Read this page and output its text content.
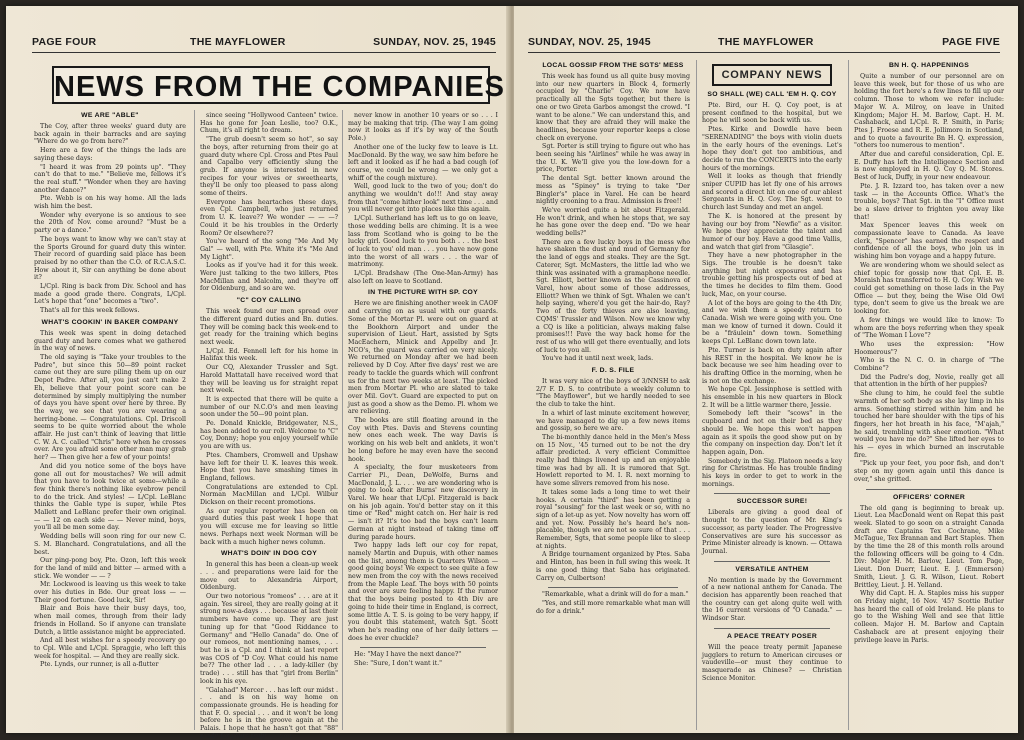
PAGE FOUR	THE MAYFLOWER	SUNDAY, NOV. 25, 1945
NEWS FROM THE COMPANIES
WE ARE "ABLE"

The Coy, after three weeks' guard duty are back again in their barracks and are saying "Where do we go from here?"

Here are a few of the things the lads are saying these days:

"I heard it was from 29 points up". "They can't do that to me." "Believe me, fellows it's the real stuff." "Wonder when they are having another dance?"

Pte. Webb is on his way home. All the lads wish him the best.

Wonder why everyone is so anxious to see the 20th of Nov. come around? "Must be a party or a dance."

The boys want to know why we can't stay at the Sports Ground for guard duty this winter. Their record of guarding said place has been praised by no other than the C.O. of R.C.A.S.C. How about it, Sir can anything be done about it?

L/Cpl. Ring is back from Div. School and has made a good grade there. Congrats, L/Cpl. Let's hope that "one" becomes a "two".

That's all for this week fellows.

WHAT'S COOKIN' IN BAKER COMPANY

This week was spent in doing detached guard duty and here comes what we gathered in the way of news.

The old saying is "Take your troubles to the Padre", but since this 50—89 point racket came out they are sure piling them up on our Depot Padre. After all, you just can't make 2 Eh, believe that your point score can be determined by simply multiplying the number of days you have spent over here by three. By the way, we see that you are wearing a herring-bone. — Congratulations. Cpl. Driscoll seems to be quite worried about the whole affair. He just can't think of leaving that little C. W. A. C. called "Chris" here when he crosses over. Are you afraid some other man may grab her? — Then give her a few of your points!

And did you notice some of the boys have gone all out for moustaches? We will admit that you have to look twice at some—while a few think there's nothing like eyebrow pencil to do the trick. And styles! — L/Cpl. LeBlanc thinks the Gable type is super, while Ptes Mallett and LeBlanc prefer their own original. — — 12 on each side — — Never mind, boys, you'll all be men some day.

Wedding bells will soon ring for our new C. S. M. Blanchard. Congratulations, and all the best.

Our ping-pong boy, Pte. Ozon, left this week for the land of mild and bitter — armed with a stick. We wonder — — ?

Mr. Lockwood is leaving us this week to take over his duties in Bde. Our great loss — — Their good fortune. Good luck, Sir!

Blair and Bois have their busy days, too, when mail comes, through from their lady friends in Holland. So if anyone can translate Dutch, a little assistance might be appreciated.

And all best wishes for a speedy recovery go to Cpl. Wile and L/Cpl. Spraggie, who left this week for hospital. — And they are really sick.

Pte. Lynds, our runner, is all a-flutter

since seeing "Hollywood Canteen" twice. Has he gone for Joan Leslie, too? O.K., Chum, it's all right to dream.

"The grub doesn't seem so hot", so say the boys, after returning from their go at guard duty where Cpl. Cross and Ptes Paul and Capalbo very efficiently slung the grub. If anyone is interested in new recipes for your wives or sweethearts, they'll be only too pleased to pass along some of theirs.

Everyone has heartaches these days, even Cpl. Campbell, who just returned from U. K. leave?? We wonder — — —? Could it be his troubles in the Orderly Room? Or elsewhere??

You've heard of the song "Me And My Gal" — well, with Pte. White it's "Me And My Light".

Looks as if you've had it for this week. Were just talking to the two killers, Ptes MacMillan and Malcolm, and they're off for Oldenburg, and so are we.

"C" COY CALLING

This week found our men spread over the different guard duties and Bn. duties. They will be coming back this week-end to get ready for the training which begins next week.

L/Cpl. Ed. Fennell left for his home in Halifax this week.

Our CQ, Alexander Trussler and Sgt. Harold Mattatall have received word that they will be leaving us for straight repat next week.

It is expected that there will be quite a number of our N.C.O's and men leaving soon under the 50—90 point plan.

Pe. Donald Knickle, Bridgewater, N.S., has been added to our roll. Welcome to "C" Coy, Donny; hope you enjoy yourself while you are with us.

Ptes. Chambers, Cromwell and Upshaw have left for their U. K. leaves this week. Hope that you have smashing times in England, fellows.

Congratulations are extended to Cpl. Norman MacMillan and L/Cpl. Wilbur Dickson on their recent promotions.

As our regular reporter has been on guard duties this past week I hope that you will excuse me for leaving so little news. Perhaps next week Norman will be back with a much higher news column.

WHAT'S DOIN' IN DOG COY

In general this has been a clean-up week . . . and preparations were laid for the move out to Alexandria Airport, Oldenburg.

Our two notorious "romeos" . . . are at it again. Yes sireel, they are really going at it strong now-a-days . . . because at last their numbers have come up. They are just tuning up for that "Good Riddance to Germany" and "Hello Canada" do. One of our romeos, not mentioning names, . . . but he is a Cpl. and I think at last report was COS of "D Coy. What could his name be?? The other lad . . . a lady-killer (by trade) . . . still has that "girl from Berlin" look in his eye.

"Galahad" Mercer . . . has left our midst . . . and is on his way home on compassionate grounds. He is heading for that F. O. special . . . and it won't be long before he is in the groove again at the Palais. I hope that he hasn't got that "88" ready for yours truly . . . you

never know in another 10 years or so . . . I may be making that trip. (The way I am going now it looks as if it's by way of the South Pole.)

Another one of the lucky few to leave is Lt. MacDonald. By the way, we saw him before he left and it looked as if he had a bad cough (of course, we could be wrong — we only got a whiff of the cough mixture).

Well, good luck to the two of you; don't do anything we wouldn't do!!! And stay away from that "come hither look" next time . . . and you will never get into places like this again.

L/Cpl. Sutherland has left us to go on leave, those wedding bells are chiming. It is a wee lass from Scotland who is going to be the lucky girl. Good luck to you both . . . the best of luck to you' old man . . . you have now gone into the worst of all wars . . . the war of matrimony.

L/Cpl. Bradshaw (The One-Man-Army) has also left on leave to Scotland.

IN THE PICTURE WITH SP. COY

Here we are finishing another week in CAOF and carrying on as usual with our guards. Some of the Mortar Pl. were out on guard at the Bookhorn Airport and under the supervision of Lieut. Hart, assisted by Sgts MacEachern, Minick and Appelby and Jr. NCO's, the guard was carried on very nicely. We returned on Monday after we had been relieved by D Coy. After five days' rest we are ready to tackle the guards which will confront us for the next two weeks at least. The picked men from Mortar Pl. who are slated to take over Mil. Gov't. Guard are expected to put on just as good a show as the Demo. Pl. whom we are relieving.

The books are still floating around in the Coy with Ptes. Davis and Stevens counting new ones each week. The way Davis is working on his web belt and anklets, it won't be long before he may even have the second hook.

A specialty, the four musketeers from Carrier Pl., Dean, DeWolfe, Burns and MacDonald, J. L. . . . we are wondering who is going to look after Burns' new discovery in Varel. We hear that L/Cpl. Fitzgerald is back on his job again. You'd better stay on it this time or "Red" might catch on. Her hair is red — isn't it? It's too bad the boys can't learn German at night instead of taking time off during parade hours.

Two happy lads left our coy for repat, namely Martin and Dupuis, with other names on the list, among them is Quarters Wilson — good going boys! We expect to see quite a few new men from the coy with the news received from the Maple Leaf. The boys with 50 points and over are sure feeling happy. If the rumor that the boys being posted to 4th Div are going to hide their time in England, is correct, some little A. T. S. is going to be very happy, if you doubt this statement, watch Sgt. Scott when he's reading one of her daily letters — does he ever chuckle?

He: "May I have the next dance?"

She: "Sure, I don't want it."

SUNDAY, NOV. 25, 1945	THE MAYFLOWER	PAGE FIVE
LOCAL GOSSIP FROM THE SGTS' MESS

This week has found us all quite busy moving into our new quarters in Block 4, formerly occupied by "Charlie" Coy. We now have practically all the Sgts together, but there is one or two Greta Garbos amongst the crowd. "I want to be alone." We can understand this, and know that they are afraid they will make the headlines, because your reporter keeps a close check on everyone.

Sgt. Porter is still trying to figure out who has been seeing his "Airlines" while he was away in the U. K. We'll give you the low-down for a price, Porter.

The dental Sgt. better known around the mess as "Spiney" is trying to take "Der Bingler's" place in Varel. He can be heard nightly crooning to a frau. Admission is free!!

We've worried quite a bit about Fitzgerald. He won't drink, and when he stops that, we say he has gone over the deep end. "Do we hear wedding bells?"

There are a few lucky boys in the mess who have shaken the dust and mud of Germany for the land of eggs and steaks. They are the Sgt. Caterer, Sgt. McMasters, the little lad who we think was assinated with a gramaphone needle. Sgt. Elliott, better known as the Cassinova of Varel, how about some of those addresses, Elliott? When we think of Sgt. Whalen we can't help saying, where'd you get the hair-do, Ray? Two of the forty thieves are also leaving, CQMS' Trussler and Wilson. Now we know why a CQ is like a politician, always making false promises!!! Pave the way back home for the rest of us who will get there eventually, and lots of luck to you all.

You've had it until next week, lads.

F. D. S. FILE

It was very nice of the boys of 3/NNSH to ask 2/7 F. D. S. to contribute a weekly column to "The Mayflower", but we hardly needed to see the club to take the hint.

In a whirl of last minute excitement however, we have managed to dig up a few news items and gossip, so here we are.

The bi-monthly dance held in the Men's Mess on 15 Nov., '45 turned out to be not the dry affair predicted. A very efficient Committee really had things livened up and an enjoyable time was had by all. It is rumored that Sgt. Howlett reported to M. I. R. next morning to have some slivers removed from his nose.

It takes some lads a long time to wet their hooks. A certain "third" has been getting a royal "sousing" for the last week or so, with no sign of a let-up as yet. Now novelty has worn off and yet. Now. Possibly he's heard he's non-placable, though we are not so sure of that . . . Remember, Sgts, that some people like to sleep at nights.

A Bridge tournament organized by Ptes. Saba and Hinton, has been in full swing this week. It is one good thing that Saba has originated. Carry on, Culbertson!

"Remarkable, what a drink will do for a man."

"Yes, and still more remarkable what man will do for a drink."

COMPANY NEWS
SO SHALL (WE) CALL 'EM H. Q. COY

Pte. Bird, our H. Q. Coy poet, is at present confined to the hospital, but we hope he will soon be back with us.

Ptes. Kirke and Dowdle have been "SERENADING" the boys with violin duets in the early hours of the evenings. Let's hope they don't get too ambitious, and decide to run the CONCERTS into the early hours of the mornings.

Well it looks as though that friendly sniper CUPID has let fly one of his arrows and scored a direct hit on one of our ablest Sergeants in H. Q. Coy. The Sgt. went to church last Sunday and met an angel.

The K. is honored at the present by having our boy from "Newfie" as a visitor. We hope they appreciate the talent and humor of our boy. Have a good time Vallis, and watch that girl from "Glasgie".

They have a new photographer in the Sigs. The trouble is he doesn't take anything but night exposures and has trouble getting his prospects out of bed at the times he decides to film them. Good luck, Mac, on your course.

A lot of the boys are going to the 4th Div, and we wish them a speedy return to Canada. Wish we were going with you. One man we know of turned it down. Could it be a "fräulein" down town. Something keeps Cpl. LeBlanc down town late.

Pte. Turner is back on duty again after his REST in the hospital. We know he is back because we see him heading over to his drafting Office in the morning, when he is not on the exchange.

We hope Cpl. Jessinphose is settled with his ensemble in his new quarters in Block 2. It will be a little warmer there, Jessie.

Somebody left their "scows" in the cupboard and not on their bed as they should be. We hope this won't happen again as it spoils the good show put on by the company on inspection day. Don't let it happen again, Don.

Somebody in the Sig. Platoon needs a key ring for Christmas. He has trouble finding his keys in order to get to work in the mornings.

SUCCESSOR SURE!

Liberals are giving a good deal of thought to the question of Mr. King's successor, as party leader. The Progressive Conservatives are sure his successor as Prime Minister already is known. — Ottawa Journal.

VERSATILE ANTHEM

No mention is made by the Government of a new national anthem for Canada. The decision has apparently been reached that the country can get along quite well with the 16 current versions of "O Canada." — Windsor Star.

A PEACE TREATY POSER

Will the peace treaty permit Japanese jugglers to return to American circuses or vaudeville—or must they continue to masquerade as Chinese? — Christian Science Monitor.

BN H. Q. HAPPENINGS

Quite a number of our personnel are on leave this week, but for those of us who are holding the fort here's a few lines to fill up our column. Those to whom we refer include: Major W. A. Milroy, on leave in United Kingdom; Major H. M. Barlow, Capt. H. M. Cashaback, and L/Cpl. R. P. Smith, in Paris; Ptes J. Froese and R. E. Jollimore in Scotland, and to quote a favourite Bn H. Q. expression, "others too numerous to mention".

After due and careful consideration, Cpl. E. E. Duffy has left the Intelligence Section and is now employed in H. Q. Coy Q. M. Stores. Best of luck, Duffy, in your new endeavour.

Pte. J. R. Izzard too, has taken over a new task — in the Accounts Office. What's the trouble, boys? That Sgt. in the "I" Office must be a slave driver to frighten you away like that!

Max Spencer leaves this week on compassionate leave to Canada. As leave clerk, "Spencer" has earned the respect and confidence of all the boys, who join us in wishing him bon voyage and a happy future.

We are wondering whom we should select as chief topic for gossip now that Cpl. E. B. Moraish has transferred to H. Q. Coy. Wish we could get something on those lads in the Pay Office — but they, being the Wise Old Owl type, don't seem to give us the break we are looking for.

A few things we would like to know: To whom are the boys referring when they speak of "The Woman I Love"?

Who uses the expression: "How Hoomerous"?

Who is the N. C. O. in charge of "The Combine"?

Did the Padre's dog, Novie, really get all that attention in the birth of her puppies?

She clung to him, he could feel the subtle warmth of her soft body as she lay limp in his arms. Something stirred within him and he touched her bare shoulder with the tips of his fingers, her hot breath in his face, "M'ajah," he said, trembling with sheer emotion. "What would you have me do?" She lifted her eyes to his — eyes in which burned an inscrutable fire.

"Pick up your feet, you poor fish, and don't step on my gown again until this dance is over," she gritted.

OFFICERS' CORNER

The old gang is beginning to break up. Lieut. Lea MacDonald went on Repat this past week. Slated to go soon on a straight Canada draft are Captains Tex Cochrane, Mike McTague, Tex Brannan and Bart Staples. Then by the time the 28 of this month rolls around the following officers will be going to 4 Cdn. Div: Major H. M. Barlow, Lieut. Tom Page, Lieut. Don Duerr, Lieut. E. J. (Emmerson) Smith, Lieut. J. G. R. Wilson, Lieut. Robert Brittley, Lieut. J. H. Yelland.

Why did Capt. H. A. Staples miss his supper on Friday night, 16 Nov. '45? Scottie Butler has heard the call of old Ireland. He plans to go to the Wishing Well and see that little colleen. Major H. M. Barlow and Captain Cashaback are at present enjoying their privilege leave in Paris.
